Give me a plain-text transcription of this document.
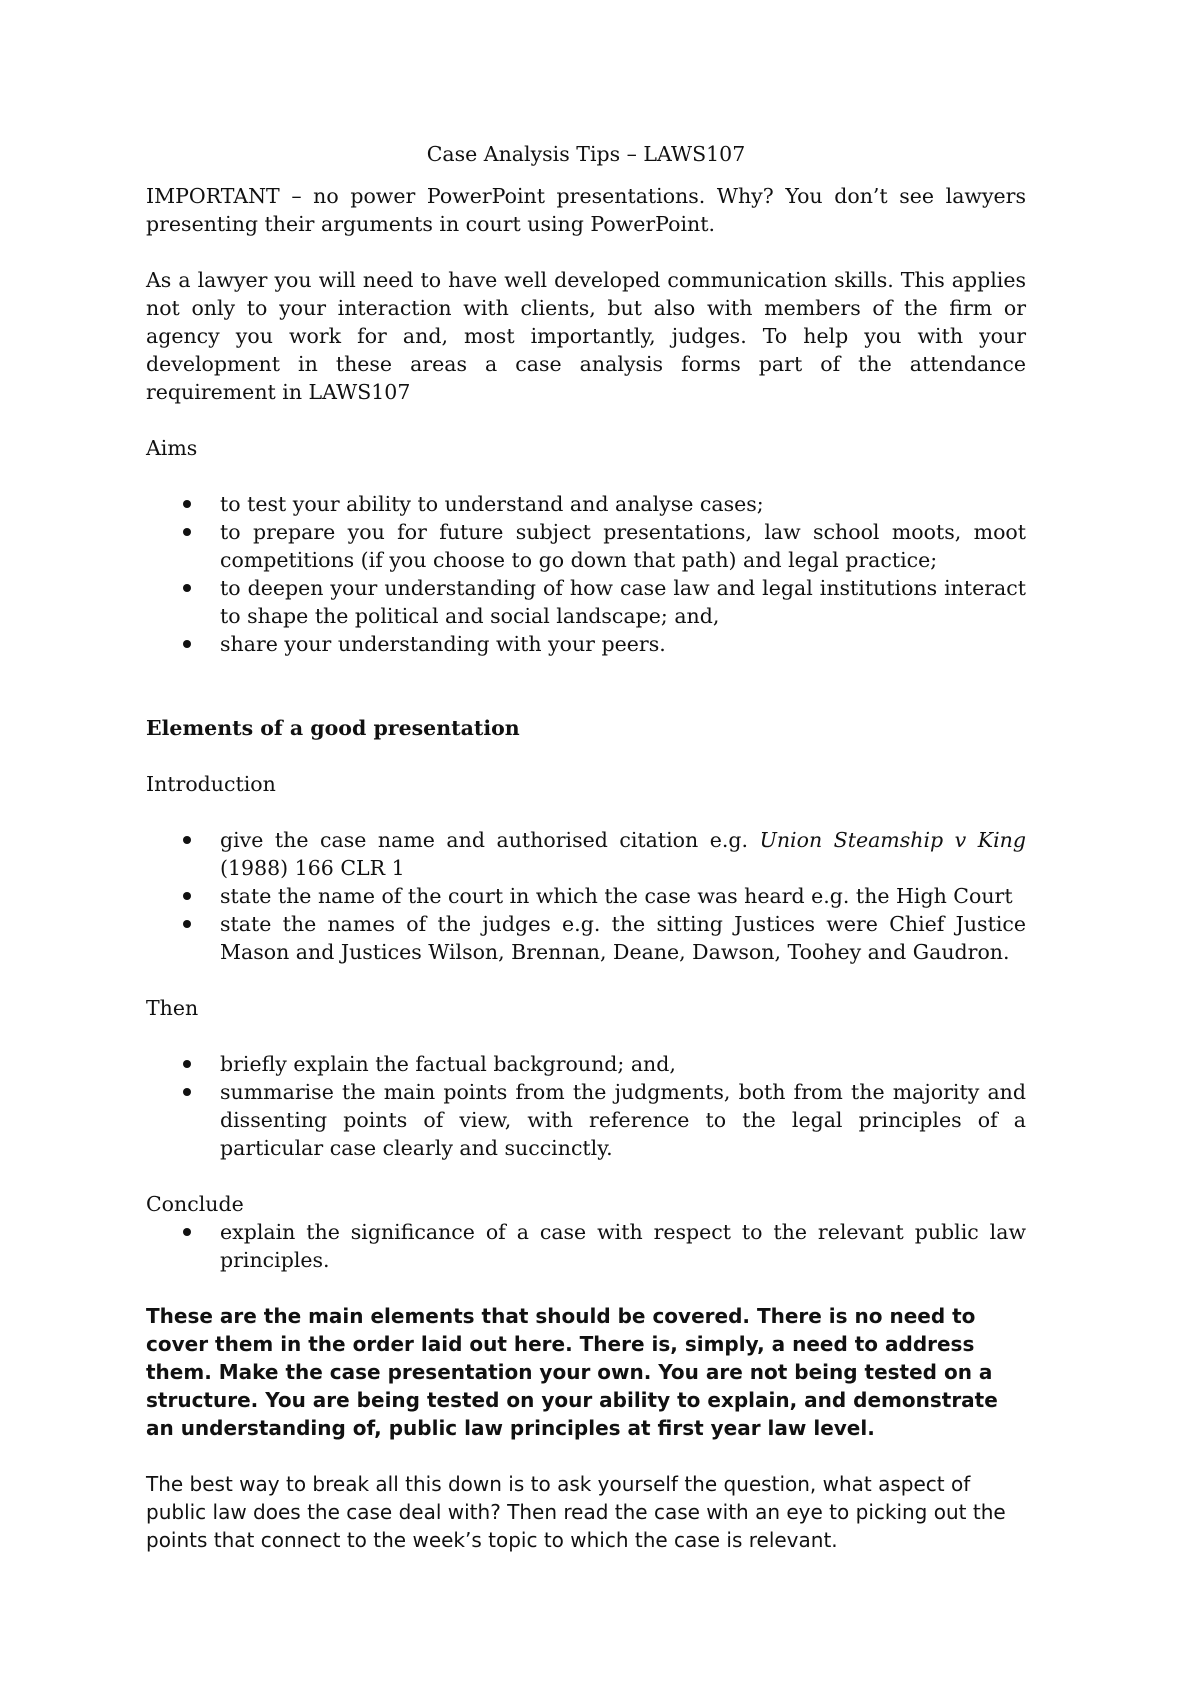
Case Analysis Tips – LAWS107

IMPORTANT – no power PowerPoint presentations. Why? You don’t see lawyers presenting their arguments in court using PowerPoint.

As a lawyer you will need to have well developed communication skills. This applies not only to your interaction with clients, but also with members of the firm or agency you work for and, most importantly, judges. To help you with your development in these areas a case analysis forms part of the attendance requirement in LAWS107

Aims

to test your ability to understand and analyse cases;
to prepare you for future subject presentations, law school moots, moot competitions (if you choose to go down that path) and legal practice;
to deepen your understanding of how case law and legal institutions interact to shape the political and social landscape; and,
share your understanding with your peers.

Elements of a good presentation

Introduction

give the case name and authorised citation e.g. Union Steamship v King (1988) 166 CLR 1
state the name of the court in which the case was heard e.g. the High Court
state the names of the judges e.g. the sitting Justices were Chief Justice Mason and Justices Wilson, Brennan, Deane, Dawson, Toohey and Gaudron.

Then

briefly explain the factual background; and,
summarise the main points from the judgments, both from the majority and dissenting points of view, with reference to the legal principles of a particular case clearly and succinctly.

Conclude

explain the significance of a case with respect to the relevant public law principles.

These are the main elements that should be covered. There is no need to cover them in the order laid out here. There is, simply, a need to address them. Make the case presentation your own. You are not being tested on a structure. You are being tested on your ability to explain, and demonstrate an understanding of, public law principles at first year law level.

The best way to break all this down is to ask yourself the question, what aspect of public law does the case deal with? Then read the case with an eye to picking out the points that connect to the week’s topic to which the case is relevant.
